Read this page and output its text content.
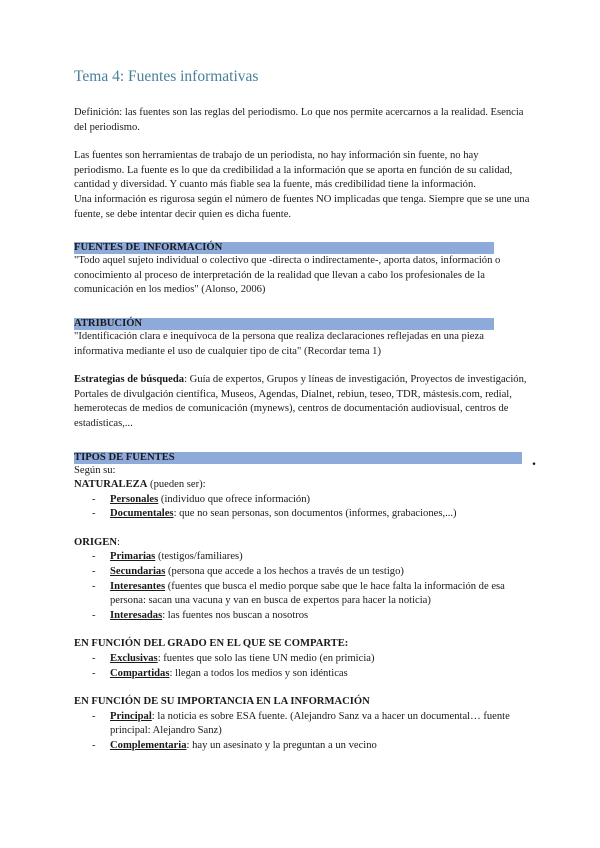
Tema 4: Fuentes informativas

Definición: las fuentes son las reglas del periodismo. Lo que nos permite acercarnos a la realidad. Esencia del periodismo.

Las fuentes son herramientas de trabajo de un periodista, no hay información sin fuente, no hay periodismo. La fuente es lo que da credibilidad a la información que se aporta en función de su calidad, cantidad y diversidad. Y cuanto más fiable sea la fuente, más credibilidad tiene la información.

Una información es rigurosa según el número de fuentes NO implicadas que tenga. Siempre que se une una fuente, se debe intentar decir quien es dicha fuente.

FUENTES DE INFORMACIÓN

"Todo aquel sujeto individual o colectivo que -directa o indirectamente-, aporta datos, información o conocimiento al proceso de interpretación de la realidad que llevan a cabo los profesionales de la comunicación en los medios" (Alonso, 2006)

ATRIBUCIÓN

"Identificación clara e inequívoca de la persona que realiza declaraciones reflejadas en una pieza informativa mediante el uso de cualquier tipo de cita" (Recordar tema 1)

Estrategias de búsqueda: Guía de expertos, Grupos y líneas de investigación, Proyectos de investigación, Portales de divulgación científica, Museos, Agendas, Dialnet, rebiun, teseo, TDR, mástesis.com, redial, hemerotecas de medios de comunicación (mynews), centros de documentación audiovisual, centros de estadísticas,...

TIPOS DE FUENTES	.

Según su:

NATURALEZA (pueden ser):

- Personales (individuo que ofrece información)
- Documentales: que no sean personas, son documentos (informes, grabaciones,...)

ORIGEN:

- Primarias (testigos/familiares)
- Secundarias (persona que accede a los hechos a través de un testigo)
- Interesantes (fuentes que busca el medio porque sabe que le hace falta la información de esa persona: sacan una vacuna y van en busca de expertos para hacer la noticia)
- Interesadas: las fuentes nos buscan a nosotros

EN FUNCIÓN DEL GRADO EN EL QUE SE COMPARTE:

- Exclusivas: fuentes que solo las tiene UN medio (en primicia)
- Compartidas: llegan a todos los medios y son idénticas

EN FUNCIÓN DE SU IMPORTANCIA EN LA INFORMACIÓN

- Principal: la noticia es sobre ESA fuente. (Alejandro Sanz va a hacer un documental… fuente principal: Alejandro Sanz)
- Complementaria: hay un asesinato y la preguntan a un vecino
